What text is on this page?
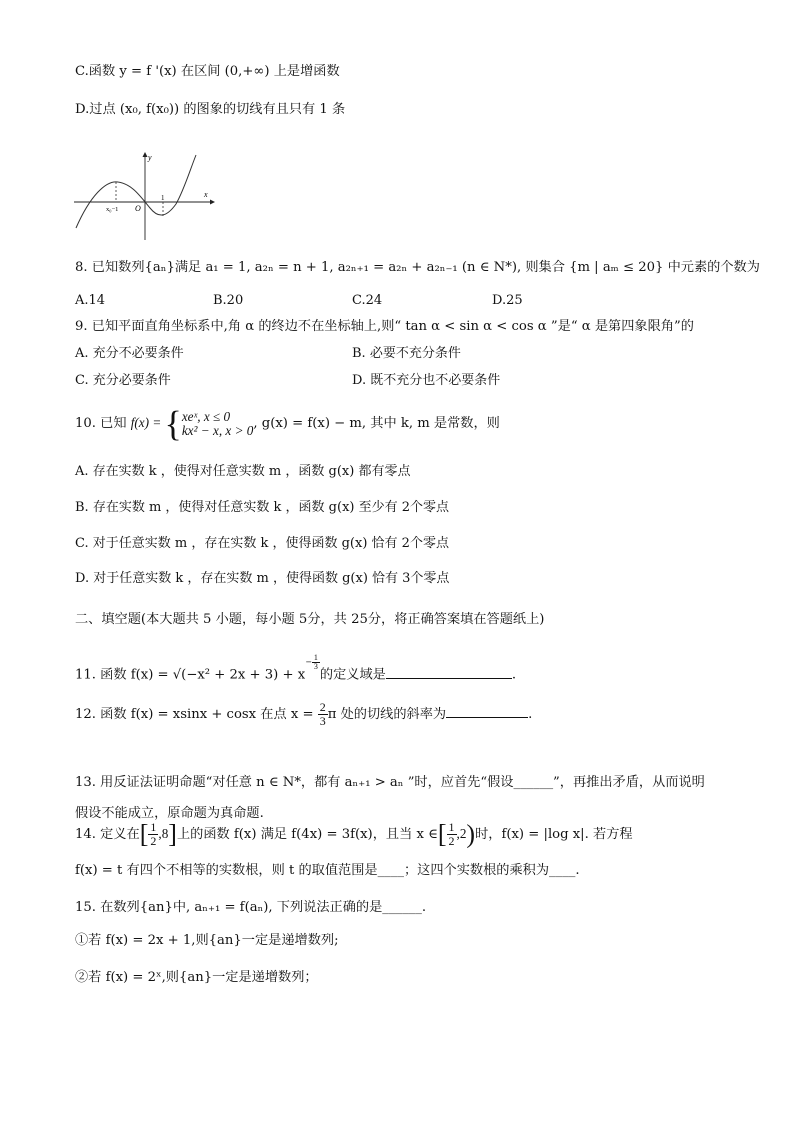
C.函数 y = f '(x) 在区间 (0,+∞) 上是增函数
D.过点 (x₀, f(x₀)) 的图象的切线有且只有 1 条
y
x
O
x₀−1
1
8. 已知数列{aₙ}满足 a₁ = 1, a₂ₙ = n + 1, a₂ₙ₊₁ = a₂ₙ + a₂ₙ₋₁ (n ∈ N*), 则集合 {m | aₘ ≤ 20} 中元素的个数为
A.14	B.20	C.24	D.25
9. 已知平面直角坐标系中,角 α 的终边不在坐标轴上,则“ tan α < sin α < cos α ”是“ α 是第四象限角”的
A. 充分不必要条件	B. 必要不充分条件
C. 充分必要条件	D. 既不充分也不必要条件
10. 已知 f(x) = { xeˣ, x ≤ 0
kx² − x, x > 0 , g(x) = f(x) − m, 其中 k, m 是常数，则
A. 存在实数 k ，使得对任意实数 m ，函数 g(x) 都有零点
B. 存在实数 m ，使得对任意实数 k ，函数 g(x) 至少有 2个零点
C. 对于任意实数 m ，存在实数 k ，使得函数 g(x) 恰有 2个零点
D. 对于任意实数 k ，存在实数 m ，使得函数 g(x) 恰有 3个零点
二、填空题(本大题共 5 小题，每小题 5分，共 25分，将正确答案填在答题纸上)
11. 函数 $f(x) = √(-x^2 + 2x + 3) + x^{- \frac{1}{3}}$
的定义域是	.
12. 函数 f(x) = xsinx + cosx 在点 $x = \frac{2}{3}$ π 处的切线的斜率为	.
13. 用反证法证明命题“对任意 n ∈ N*，都有 aₙ₊₁ > aₙ ”时，应首先“假设______”，再推出矛盾，从而说明
假设不能成立，原命题为真命题.
14. 定义在[ $\frac{1}{2} ,8$]上的函数 f(x) 满足 f(4x) = 3f(x)，且当 x ∈[ $\frac{1}{2} ,2$)时，f(x) = |log x|. 若方程
f(x) = t 有四个不相等的实数根，则 t 的取值范围是____；这四个实数根的乘积为____.
15. 在数列{an}中, aₙ₊₁ = f(aₙ), 下列说法正确的是______.
①若 f(x) = 2x + 1,则{an}一定是递增数列;
②若 f(x) = 2ˣ,则{an}一定是递增数列；
